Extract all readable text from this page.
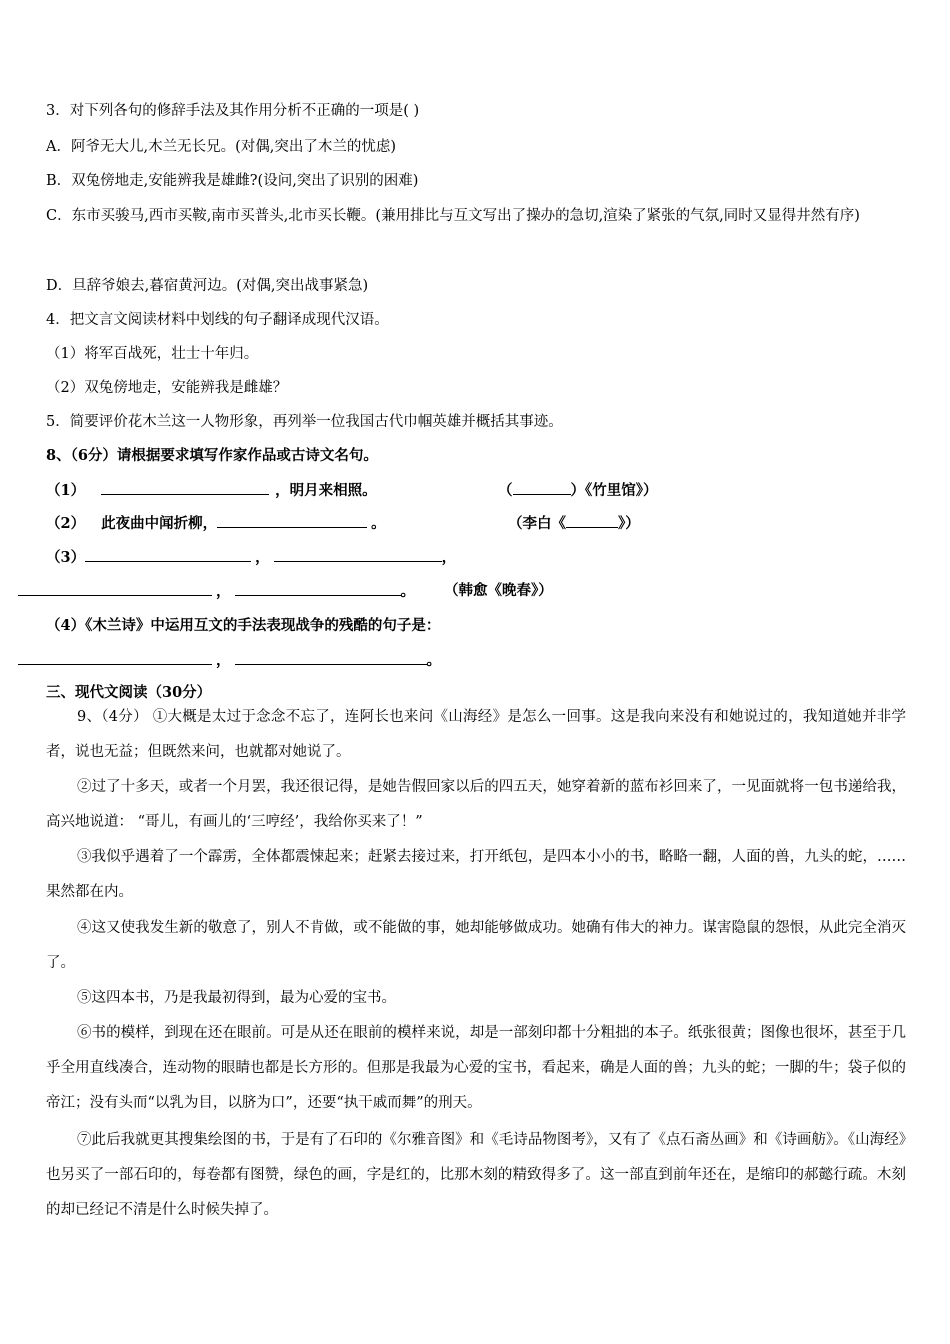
3．对下列各句的修辞手法及其作用分析不正确的一项是( )
A．阿爷无大儿,木兰无长兄。(对偶,突出了木兰的忧虑)
B．双兔傍地走,安能辨我是雄雌?(设问,突出了识别的困难)
C．东市买骏马,西市买鞍,南市买普头,北市买长鞭。(兼用排比与互文写出了操办的急切,渲染了紧张的气氛,同时又显得井然有序)
D．旦辞爷娘去,暮宿黄河边。(对偶,突出战事紧急)
4．把文言文阅读材料中划线的句子翻译成现代汉语。
（1）将军百战死，壮士十年归。
（2）双兔傍地走，安能辨我是雌雄？
5．简要评价花木兰这一人物形象，再列举一位我国古代巾帼英雄并概括其事迹。
8、（6分）请根据要求填写作家作品或古诗文名句。
（1）	，明月来相照。	（	）《竹里馆》）
（2） 此夜曲中闻折柳，	。	（李白《	》）
（3）	，	，
，	。 （韩愈《晚春》）
（4）《木兰诗》中运用互文的手法表现战争的残酷的句子是：
，	。
三、现代文阅读（30分）
9、（4分） ①大概是太过于念念不忘了，连阿长也来问《山海经》是怎么一回事。这是我向来没有和她说过的，我知道她并非学者，说也无益；但既然来问，也就都对她说了。
②过了十多天，或者一个月罢，我还很记得，是她告假回家以后的四五天，她穿着新的蓝布衫回来了，一见面就将一包书递给我，高兴地说道： “哥儿，有画儿的‘三哼经’，我给你买来了！”
③我似乎遇着了一个霹雳，全体都震悚起来；赶紧去接过来，打开纸包，是四本小小的书，略略一翻，人面的兽，九头的蛇，……果然都在内。
④这又使我发生新的敬意了，别人不肯做，或不能做的事，她却能够做成功。她确有伟大的神力。谋害隐鼠的怨恨，从此完全消灭了。
⑤这四本书，乃是我最初得到，最为心爱的宝书。
⑥书的模样，到现在还在眼前。可是从还在眼前的模样来说，却是一部刻印都十分粗拙的本子。纸张很黄；图像也很坏，甚至于几乎全用直线凑合，连动物的眼睛也都是长方形的。但那是我最为心爱的宝书，看起来，确是人面的兽；九头的蛇；一脚的牛；袋子似的帝江；没有头而“以乳为目，以脐为口”，还要“执干戚而舞”的刑天。
⑦此后我就更其搜集绘图的书，于是有了石印的《尔雅音图》和《毛诗品物图考》，又有了《点石斋丛画》和《诗画舫》。《山海经》也另买了一部石印的，每卷都有图赞，绿色的画，字是红的，比那木刻的精致得多了。这一部直到前年还在，是缩印的郝懿行疏。木刻的却已经记不清是什么时候失掉了。
